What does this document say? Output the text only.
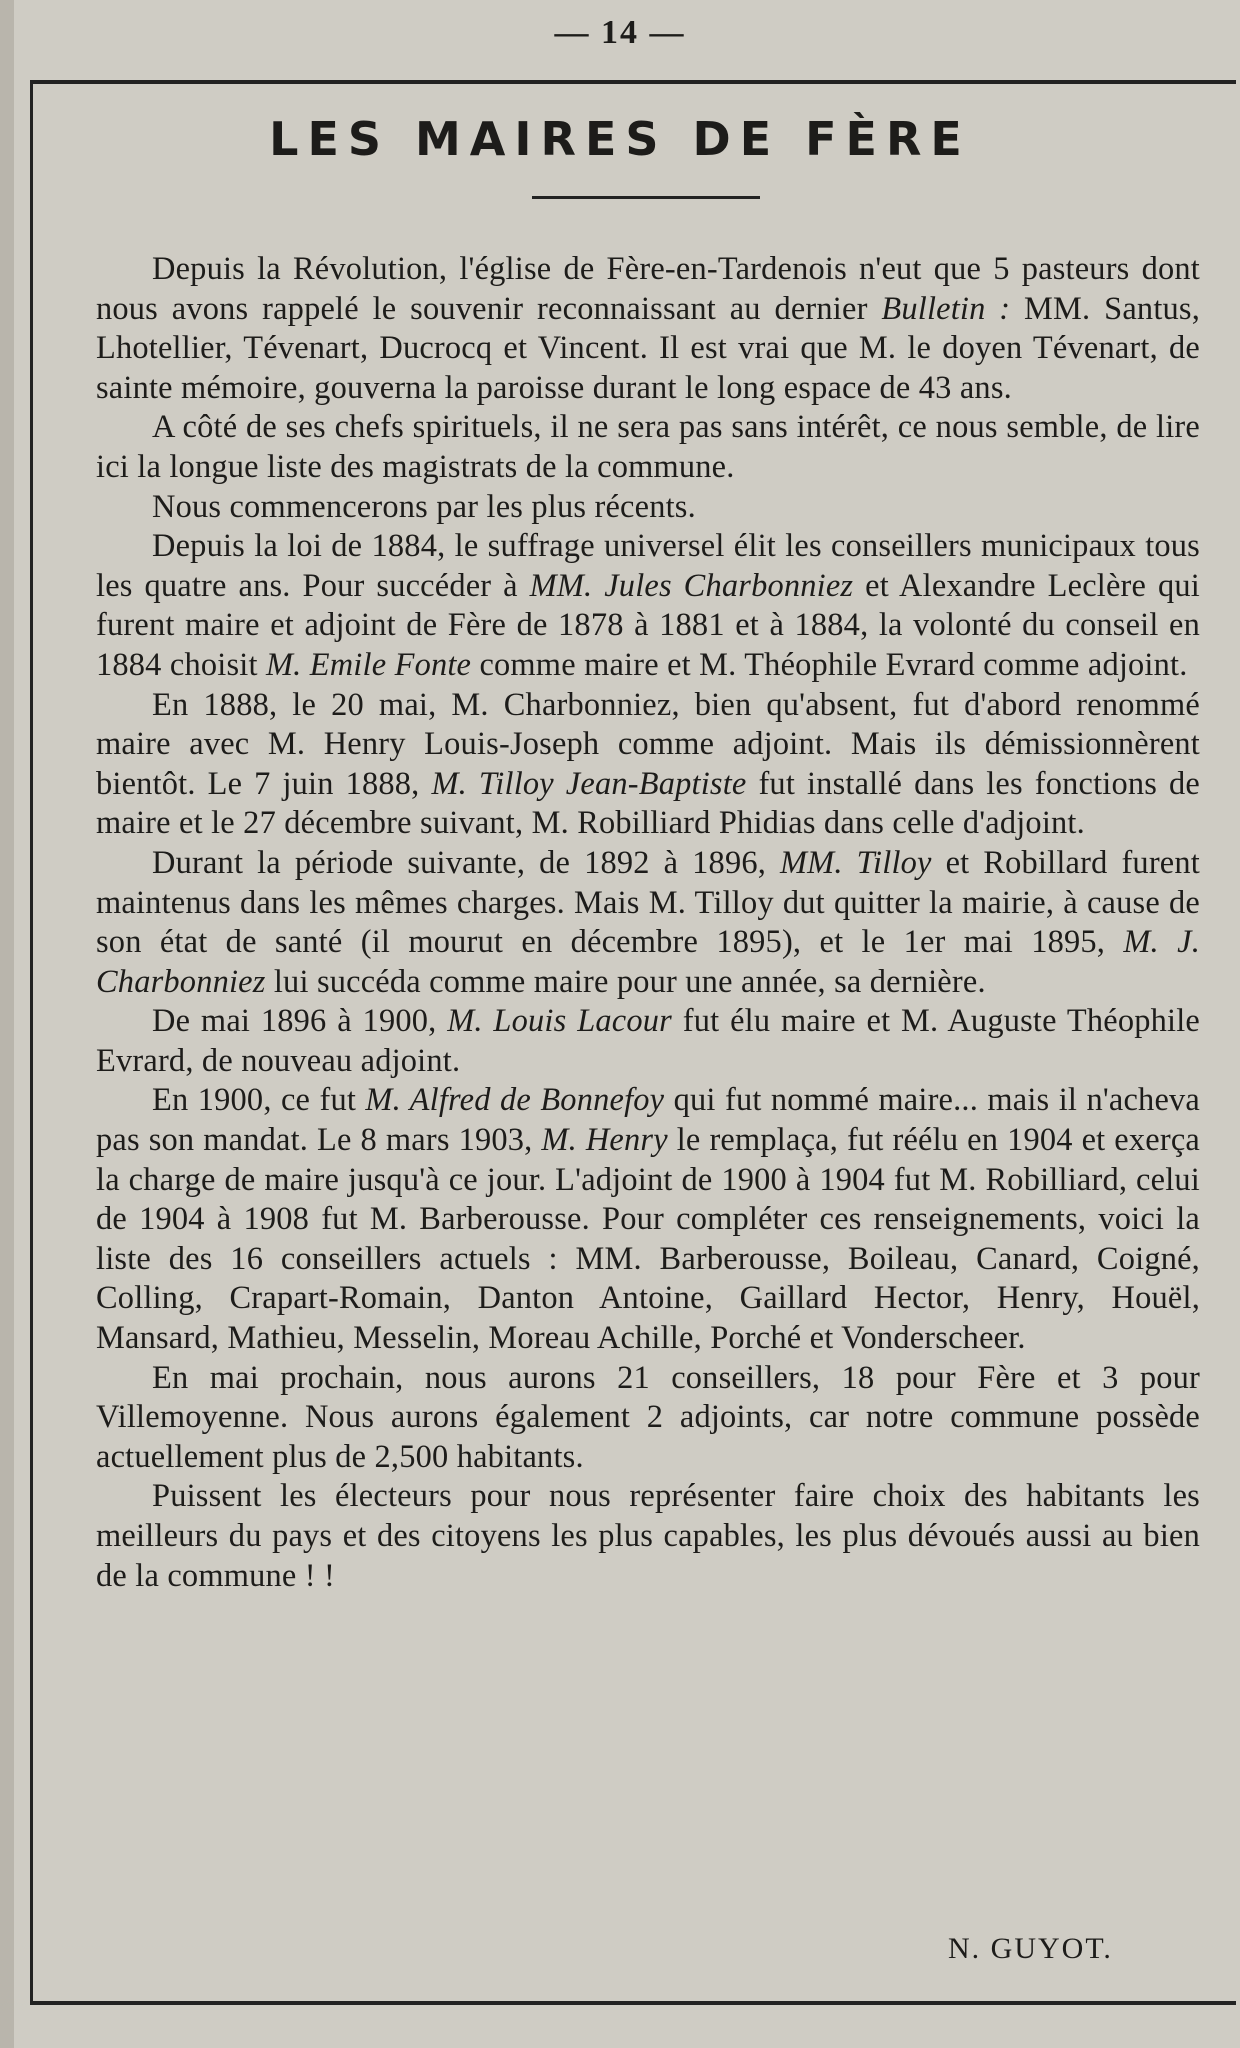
— 14 —
LES MAIRES DE FÈRE

Depuis la Révolution, l'église de Fère-en-Tardenois n'eut que 5 pasteurs dont nous avons rappelé le souvenir reconnaissant au dernier Bulletin : MM. Santus, Lhotellier, Tévenart, Ducrocq et Vincent. Il est vrai que M. le doyen Tévenart, de sainte mémoire, gouverna la paroisse durant le long espace de 43 ans.

A côté de ses chefs spirituels, il ne sera pas sans intérêt, ce nous semble, de lire ici la longue liste des magistrats de la commune.

Nous commencerons par les plus récents.

Depuis la loi de 1884, le suffrage universel élit les conseillers municipaux tous les quatre ans. Pour succéder à MM. Jules Charbonniez et Alexandre Leclère qui furent maire et adjoint de Fère de 1878 à 1881 et à 1884, la volonté du conseil en 1884 choisit M. Emile Fonte comme maire et M. Théophile Evrard comme adjoint.

En 1888, le 20 mai, M. Charbonniez, bien qu'absent, fut d'abord renommé maire avec M. Henry Louis-Joseph comme adjoint. Mais ils démissionnèrent bientôt. Le 7 juin 1888, M. Tilloy Jean-Baptiste fut installé dans les fonctions de maire et le 27 décembre suivant, M. Robilliard Phidias dans celle d'adjoint.

Durant la période suivante, de 1892 à 1896, MM. Tilloy et Robillard furent maintenus dans les mêmes charges. Mais M. Tilloy dut quitter la mairie, à cause de son état de santé (il mourut en décembre 1895), et le 1er mai 1895, M. J. Charbonniez lui succéda comme maire pour une année, sa dernière.

De mai 1896 à 1900, M. Louis Lacour fut élu maire et M. Auguste Théophile Evrard, de nouveau adjoint.

En 1900, ce fut M. Alfred de Bonnefoy qui fut nommé maire... mais il n'acheva pas son mandat. Le 8 mars 1903, M. Henry le remplaça, fut réélu en 1904 et exerça la charge de maire jusqu'à ce jour. L'adjoint de 1900 à 1904 fut M. Robilliard, celui de 1904 à 1908 fut M. Barberousse. Pour compléter ces renseignements, voici la liste des 16 conseillers actuels : MM. Barberousse, Boileau, Canard, Coigné, Colling, Crapart-Romain, Danton Antoine, Gaillard Hector, Henry, Houël, Mansard, Mathieu, Messelin, Moreau Achille, Porché et Vonderscheer.

En mai prochain, nous aurons 21 conseillers, 18 pour Fère et 3 pour Villemoyenne. Nous aurons également 2 adjoints, car notre commune possède actuellement plus de 2,500 habitants.

Puissent les électeurs pour nous représenter faire choix des habitants les meilleurs du pays et des citoyens les plus capables, les plus dévoués aussi au bien de la commune ! !

N. GUYOT.
